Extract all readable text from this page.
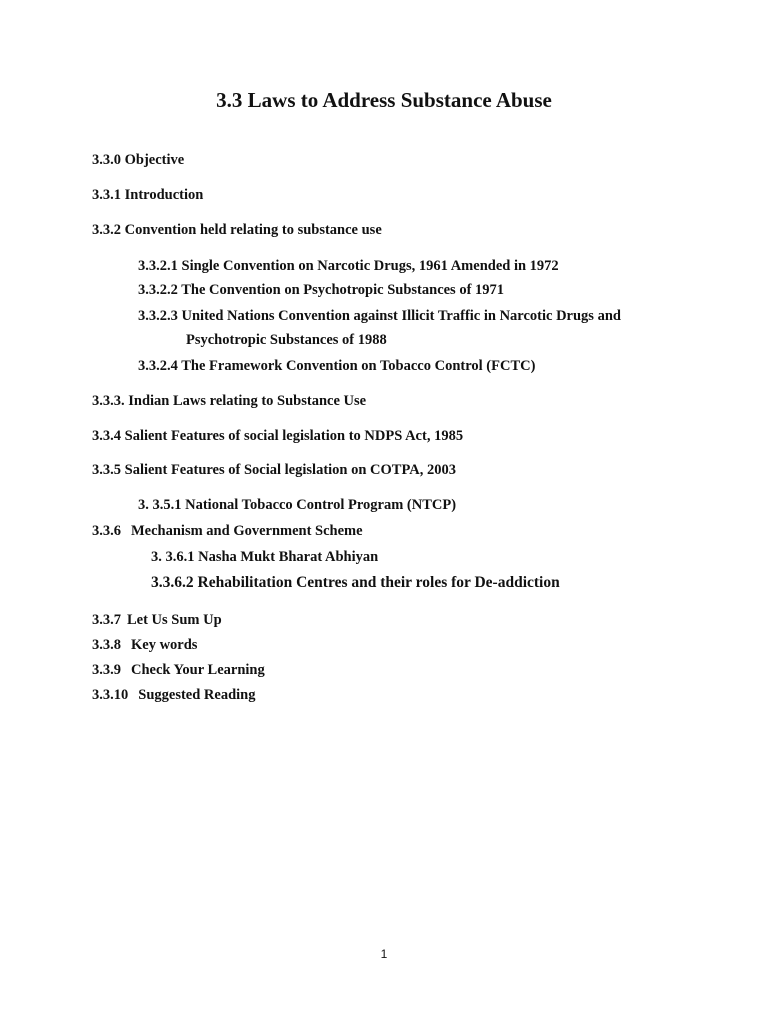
3.3 Laws to Address Substance Abuse
3.3.0 Objective
3.3.1 Introduction
3.3.2 Convention held relating to substance use
3.3.2.1 Single Convention on Narcotic Drugs, 1961 Amended in 1972
3.3.2.2 The Convention on Psychotropic Substances of 1971
3.3.2.3 United Nations Convention against Illicit Traffic in Narcotic Drugs and
Psychotropic Substances of 1988
3.3.2.4 The Framework Convention on Tobacco Control (FCTC)
3.3.3. Indian Laws relating to Substance Use
3.3.4 Salient Features of social legislation to NDPS Act, 1985
3.3.5 Salient Features of Social legislation on COTPA, 2003
3. 3.5.1 National Tobacco Control Program (NTCP)
3.3.6 Mechanism and Government Scheme
3. 3.6.1 Nasha Mukt Bharat Abhiyan
3.3.6.2 Rehabilitation Centres and their roles for De-addiction
3.3.7 Let Us Sum Up
3.3.8 Key words
3.3.9 Check Your Learning
3.3.10 Suggested Reading
1
